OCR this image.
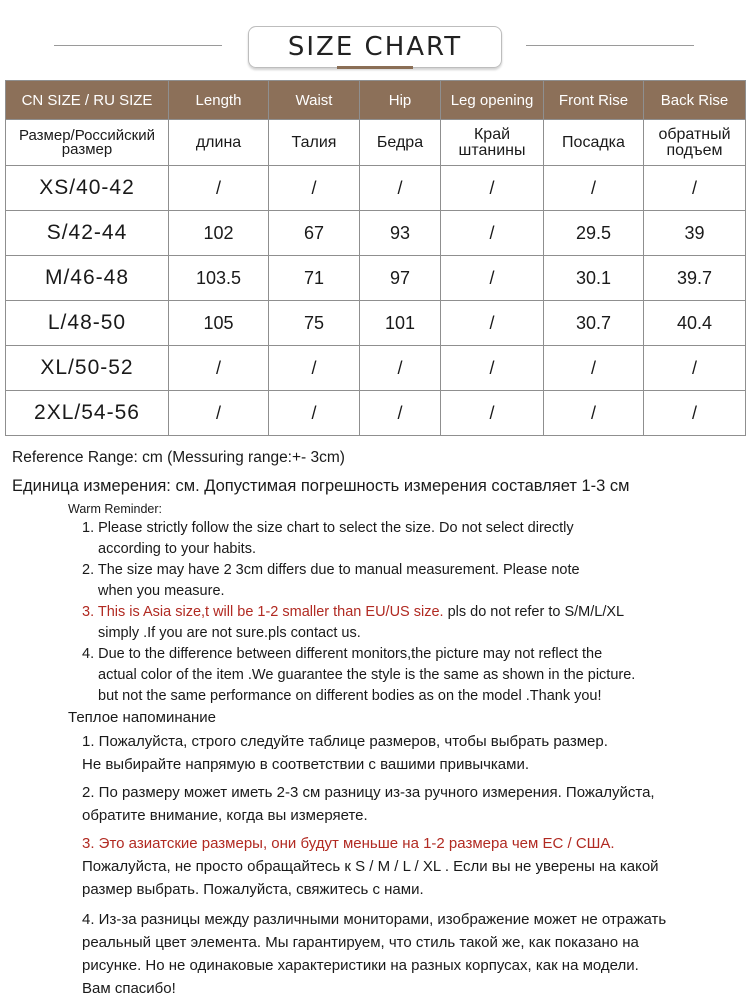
SIZE CHART
CN SIZE / RU SIZE	Length	Waist	Hip	Leg opening	Front Rise	Back Rise
Размер/Российский размер	длина	Талия	Бедра	Край штанины	Посадка	обратный подъем
XS/40-42	/	/	/	/	/	/
S/42-44	102	67	93	/	29.5	39
M/46-48	103.5	71	97	/	30.1	39.7
L/48-50	105	75	101	/	30.7	40.4
XL/50-52	/	/	/	/	/	/
2XL/54-56	/	/	/	/	/	/
Reference Range: cm (Messuring range:+- 3cm)
Единица измерения: см. Допустимая погрешность измерения составляет 1-3 см
Warm Reminder:

1. Please strictly follow the size chart to select the size. Do not select directly

according to your habits.

2. The size may have 2 3cm differs due to manual measurement. Please note

when you measure.

3. This is Asia size,t will be 1-2 smaller than EU/US size. pls do not refer to S/M/L/XL

simply .If you are not sure.pls contact us.

4. Due to the difference between different monitors,the picture may not reflect the

actual color of the item .We guarantee the style is the same as shown in the picture.

but not the same performance on different bodies as on the model .Thank you!

Теплое напоминание

1. Пожалуйста, строго следуйте таблице размеров, чтобы выбрать размер.

Не выбирайте напрямую в соответствии с вашими привычками.

2. По размеру может иметь 2-3 см разницу из-за ручного измерения. Пожалуйста,

обратите внимание, когда вы измеряете.

3. Это азиатские размеры, они будут меньше на 1-2 размера чем ЕС / США.

Пожалуйста, не просто обращайтесь к S / M / L / XL . Если вы не уверены на какой

размер выбрать. Пожалуйста, свяжитесь с нами.

4. Из-за разницы между различными мониторами, изображение может не отражать

реальный цвет элемента. Мы гарантируем, что стиль такой же, как показано на

рисунке. Но не одинаковые характеристики на разных корпусах, как на модели.

Вам спасибо!
